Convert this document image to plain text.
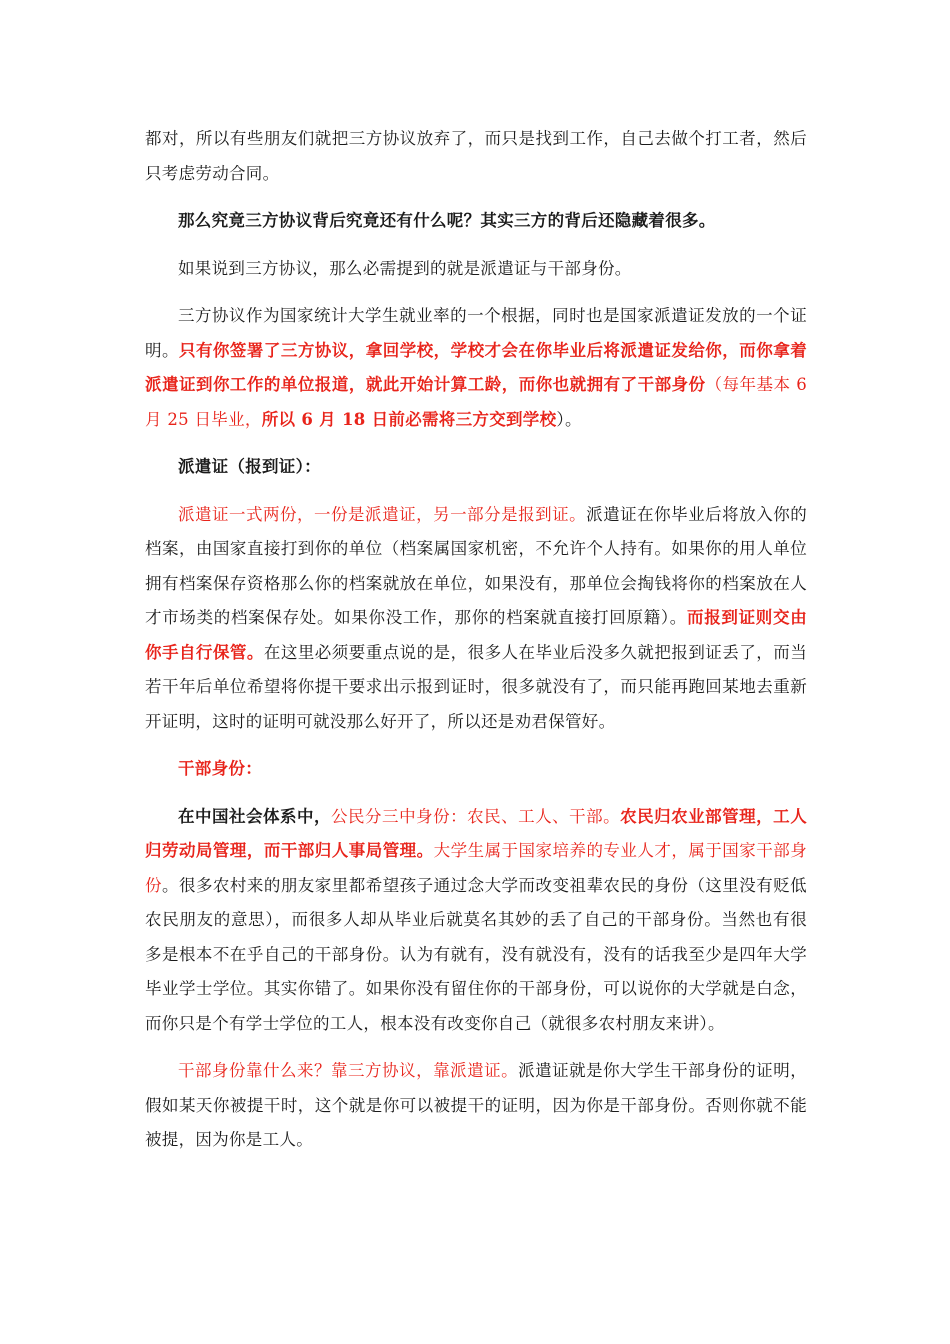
都对，所以有些朋友们就把三方协议放弃了，而只是找到工作，自己去做个打工者，然后只考虑劳动合同。

那么究竟三方协议背后究竟还有什么呢？其实三方的背后还隐藏着很多。

如果说到三方协议，那么必需提到的就是派遣证与干部身份。

三方协议作为国家统计大学生就业率的一个根据，同时也是国家派遣证发放的一个证明。只有你签署了三方协议，拿回学校，学校才会在你毕业后将派遣证发给你，而你拿着派遣证到你工作的单位报道，就此开始计算工龄，而你也就拥有了干部身份（每年基本 6 月 25 日毕业，所以 6 月 18 日前必需将三方交到学校）。

派遣证（报到证）：

派遣证一式两份，一份是派遣证，另一部分是报到证。派遣证在你毕业后将放入你的档案，由国家直接打到你的单位（档案属国家机密，不允许个人持有。如果你的用人单位拥有档案保存资格那么你的档案就放在单位，如果没有，那单位会掏钱将你的档案放在人才市场类的档案保存处。如果你没工作，那你的档案就直接打回原籍）。而报到证则交由你手自行保管。在这里必须要重点说的是，很多人在毕业后没多久就把报到证丢了，而当若干年后单位希望将你提干要求出示报到证时，很多就没有了，而只能再跑回某地去重新开证明，这时的证明可就没那么好开了，所以还是劝君保管好。

干部身份：

在中国社会体系中，公民分三中身份：农民、工人、干部。农民归农业部管理，工人归劳动局管理，而干部归人事局管理。大学生属于国家培养的专业人才，属于国家干部身份。很多农村来的朋友家里都希望孩子通过念大学而改变祖辈农民的身份（这里没有贬低农民朋友的意思），而很多人却从毕业后就莫名其妙的丢了自己的干部身份。当然也有很多是根本不在乎自己的干部身份。认为有就有，没有就没有，没有的话我至少是四年大学毕业学士学位。其实你错了。如果你没有留住你的干部身份，可以说你的大学就是白念，而你只是个有学士学位的工人，根本没有改变你自己（就很多农村朋友来讲）。

干部身份靠什么来？靠三方协议，靠派遣证。派遣证就是你大学生干部身份的证明，假如某天你被提干时，这个就是你可以被提干的证明，因为你是干部身份。否则你就不能被提，因为你是工人。
